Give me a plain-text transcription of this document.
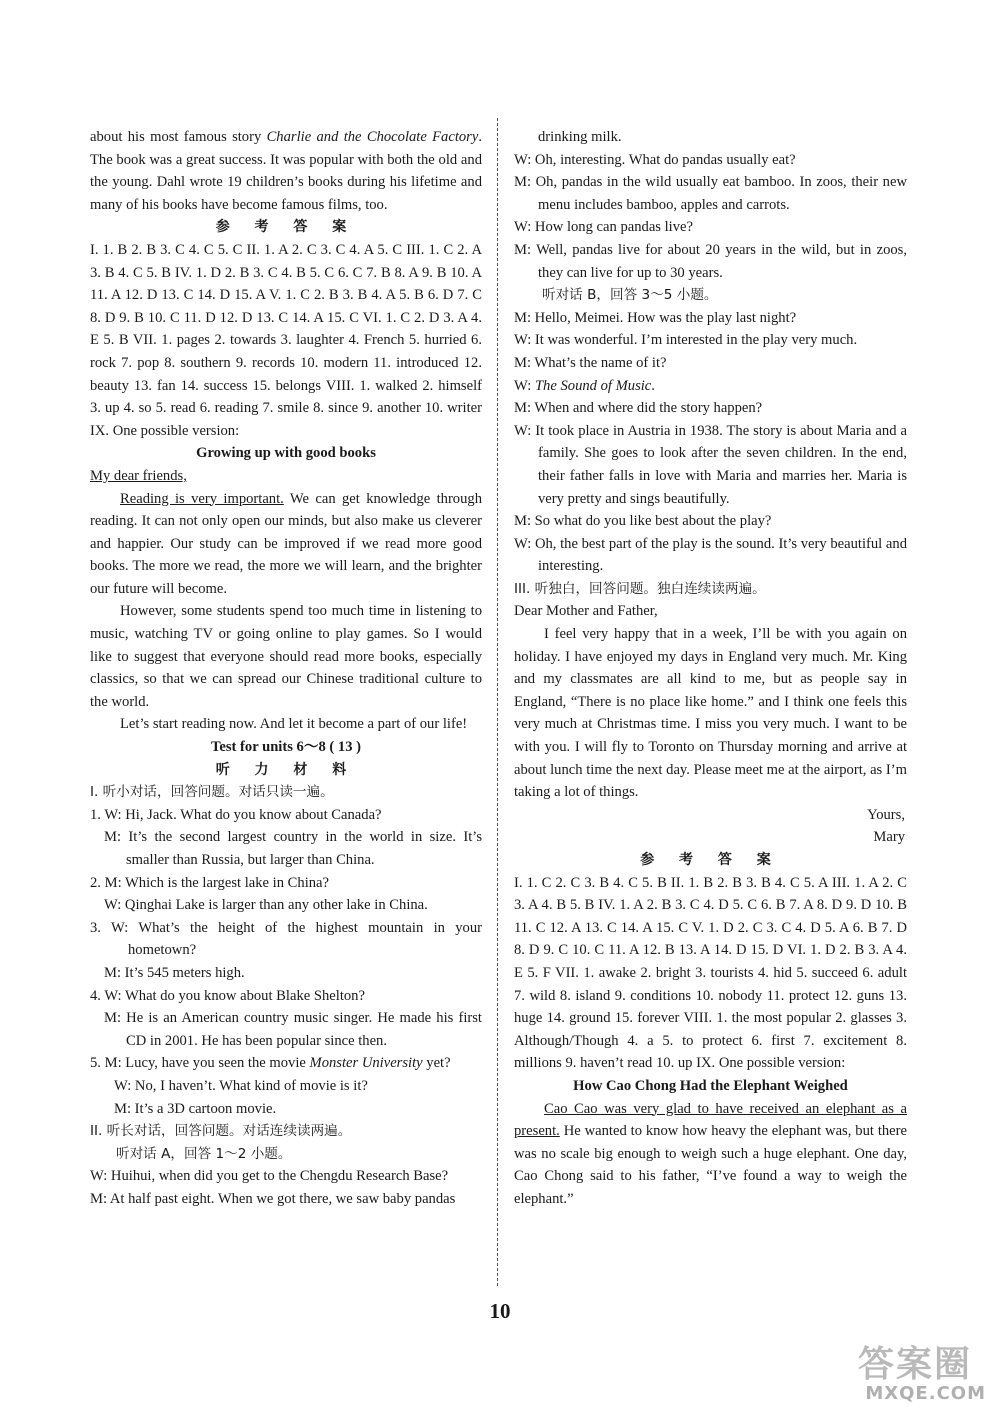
about his most famous story Charlie and the Chocolate Factory. The book was a great success. It was popular with both the old and the young. Dahl wrote 19 children’s books during his lifetime and many of his books have become famous films, too.

参 考 答 案

I. 1. B 2. B 3. C 4. C 5. C II. 1. A 2. C 3. C 4. A 5. C III. 1. C 2. A 3. B 4. C 5. B IV. 1. D 2. B 3. C 4. B 5. C 6. C 7. B 8. A 9. B 10. A 11. A 12. D 13. C 14. D 15. A V. 1. C 2. B 3. B 4. A 5. B 6. D 7. C 8. D 9. B 10. C 11. D 12. D 13. C 14. A 15. C VI. 1. C 2. D 3. A 4. E 5. B VII. 1. pages 2. towards 3. laughter 4. French 5. hurried 6. rock 7. pop 8. southern 9. records 10. modern 11. introduced 12. beauty 13. fan 14. success 15. belongs VIII. 1. walked 2. himself 3. up 4. so 5. read 6. reading 7. smile 8. since 9. another 10. writer IX. One possible version:

Growing up with good books

My dear friends,

Reading is very important. We can get knowledge through reading. It can not only open our minds, but also make us cleverer and happier. Our study can be improved if we read more good books. The more we read, the more we will learn, and the brighter our future will become.

However, some students spend too much time in listening to music, watching TV or going online to play games. So I would like to suggest that everyone should read more books, especially classics, so that we can spread our Chinese traditional culture to the world.

Let’s start reading now. And let it become a part of our life!

Test for units 6～8 ( 13 )

听 力 材 料

I. 听小对话，回答问题。对话只读一遍。

1. W: Hi, Jack. What do you know about Canada?

M: It’s the second largest country in the world in size. It’s smaller than Russia, but larger than China.

2. M: Which is the largest lake in China?

W: Qinghai Lake is larger than any other lake in China.

3. W: What’s the height of the highest mountain in your hometown?

M: It’s 545 meters high.

4. W: What do you know about Blake Shelton?

M: He is an American country music singer. He made his first CD in 2001. He has been popular since then.

5. M: Lucy, have you seen the movie Monster University yet?

W: No, I haven’t. What kind of movie is it?

M: It’s a 3D cartoon movie.

II. 听长对话，回答问题。对话连续读两遍。

听对话 A，回答 1～2 小题。

W: Huihui, when did you get to the Chengdu Research Base?

M: At half past eight. When we got there, we saw baby pandas

drinking milk.

W: Oh, interesting. What do pandas usually eat?

M: Oh, pandas in the wild usually eat bamboo. In zoos, their new menu includes bamboo, apples and carrots.

W: How long can pandas live?

M: Well, pandas live for about 20 years in the wild, but in zoos, they can live for up to 30 years.

听对话 B，回答 3～5 小题。

M: Hello, Meimei. How was the play last night?

W: It was wonderful. I’m interested in the play very much.

M: What’s the name of it?

W: The Sound of Music.

M: When and where did the story happen?

W: It took place in Austria in 1938. The story is about Maria and a family. She goes to look after the seven children. In the end, their father falls in love with Maria and marries her. Maria is very pretty and sings beautifully.

M: So what do you like best about the play?

W: Oh, the best part of the play is the sound. It’s very beautiful and interesting.

III. 听独白，回答问题。独白连续读两遍。

Dear Mother and Father,

I feel very happy that in a week, I’ll be with you again on holiday. I have enjoyed my days in England very much. Mr. King and my classmates are all kind to me, but as people say in England, “There is no place like home.” and I think one feels this very much at Christmas time. I miss you very much. I want to be with you. I will fly to Toronto on Thursday morning and arrive at about lunch time the next day. Please meet me at the airport, as I’m taking a lot of things.

Yours,

Mary

参 考 答 案

I. 1. C 2. C 3. B 4. C 5. B II. 1. B 2. B 3. B 4. C 5. A III. 1. A 2. C 3. A 4. B 5. B IV. 1. A 2. B 3. C 4. D 5. C 6. B 7. A 8. D 9. D 10. B 11. C 12. A 13. C 14. A 15. C V. 1. D 2. C 3. C 4. D 5. A 6. B 7. D 8. D 9. C 10. C 11. A 12. B 13. A 14. D 15. D VI. 1. D 2. B 3. A 4. E 5. F VII. 1. awake 2. bright 3. tourists 4. hid 5. succeed 6. adult 7. wild 8. island 9. conditions 10. nobody 11. protect 12. guns 13. huge 14. ground 15. forever VIII. 1. the most popular 2. glasses 3. Although/Though 4. a 5. to protect 6. first 7. excitement 8. millions 9. haven’t read 10. up IX. One possible version:

How Cao Chong Had the Elephant Weighed

Cao Cao was very glad to have received an elephant as a present. He wanted to know how heavy the elephant was, but there was no scale big enough to weigh such a huge elephant. One day, Cao Chong said to his father, “I’ve found a way to weigh the elephant.”

10
答案圈
MXQE.COM
